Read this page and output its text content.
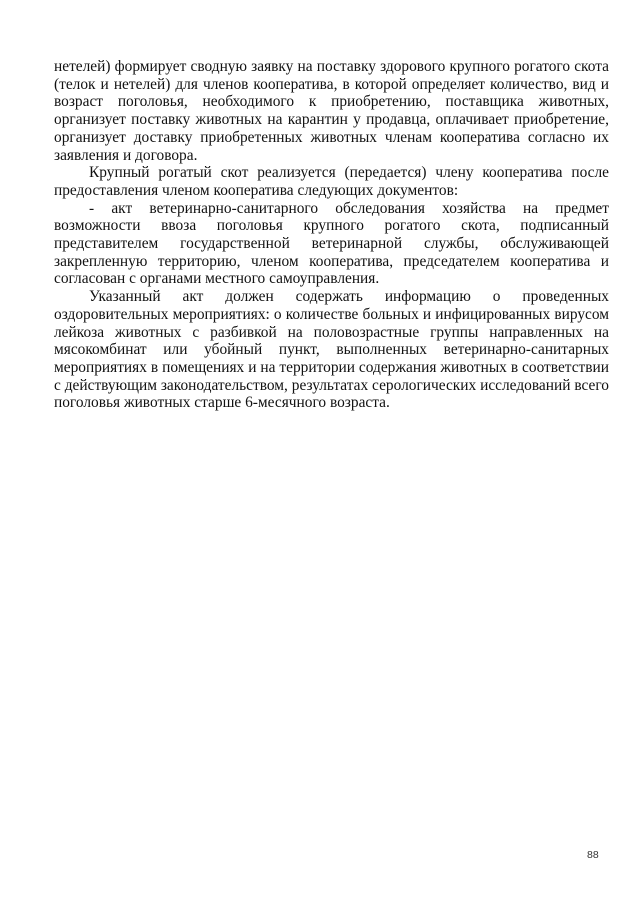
нетелей) формирует сводную заявку на поставку здорового крупного рогатого скота (телок и нетелей) для членов кооператива, в которой определяет количество, вид и возраст поголовья, необходимого к приобретению, поставщика животных, организует поставку животных на карантин у продавца, оплачивает приобретение, организует доставку приобретенных животных членам кооператива согласно их заявления и договора.

Крупный рогатый скот реализуется (передается) члену кооператива после предоставления членом кооператива следующих документов:

- акт ветеринарно-санитарного обследования хозяйства на предмет возможности ввоза поголовья крупного рогатого скота, подписанный представителем государственной ветеринарной службы, обслуживающей закрепленную территорию, членом кооператива, председателем кооператива и согласован с органами местного самоуправления.

Указанный акт должен содержать информацию о проведенных оздоровительных мероприятиях: о количестве больных и инфицированных вирусом лейкоза животных с разбивкой на половозрастные группы направленных на мясокомбинат или убойный пункт, выполненных ветеринарно-санитарных мероприятиях в помещениях и на территории содержания животных в соответствии с действующим законодательством, результатах серологических исследований всего поголовья животных старше 6-месячного возраста.

88
